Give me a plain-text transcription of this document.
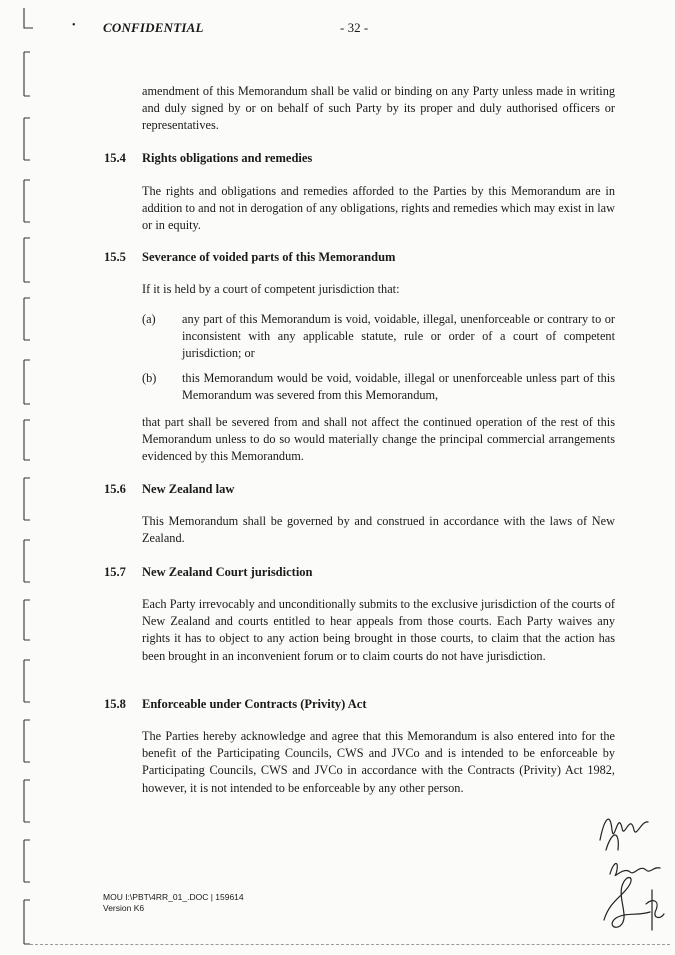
• CONFIDENTIAL	- 32 -

amendment of this Memorandum shall be valid or binding on any Party unless made in writing and duly signed by or on behalf of such Party by its proper and duly authorised officers or representatives.

15.4 Rights obligations and remedies

The rights and obligations and remedies afforded to the Parties by this Memorandum are in addition to and not in derogation of any obligations, rights and remedies which may exist in law or in equity.

15.5 Severance of voided parts of this Memorandum

If it is held by a court of competent jurisdiction that:

(a) any part of this Memorandum is void, voidable, illegal, unenforceable or contrary to or inconsistent with any applicable statute, rule or order of a court of competent jurisdiction; or
(b) this Memorandum would be void, voidable, illegal or unenforceable unless part of this Memorandum was severed from this Memorandum,

that part shall be severed from and shall not affect the continued operation of the rest of this Memorandum unless to do so would materially change the principal commercial arrangements evidenced by this Memorandum.

15.6 New Zealand law

This Memorandum shall be governed by and construed in accordance with the laws of New Zealand.

15.7 New Zealand Court jurisdiction

Each Party irrevocably and unconditionally submits to the exclusive jurisdiction of the courts of New Zealand and courts entitled to hear appeals from those courts. Each Party waives any rights it has to object to any action being brought in those courts, to claim that the action has been brought in an inconvenient forum or to claim courts do not have jurisdiction.

15.8 Enforceable under Contracts (Privity) Act

The Parties hereby acknowledge and agree that this Memorandum is also entered into for the benefit of the Participating Councils, CWS and JVCo and is intended to be enforceable by Participating Councils, CWS and JVCo in accordance with the Contracts (Privity) Act 1982, however, it is not intended to be enforceable by any other person.

RBW
MOU I:\PBT\4RR_01_.DOC | 159614
Version K6
